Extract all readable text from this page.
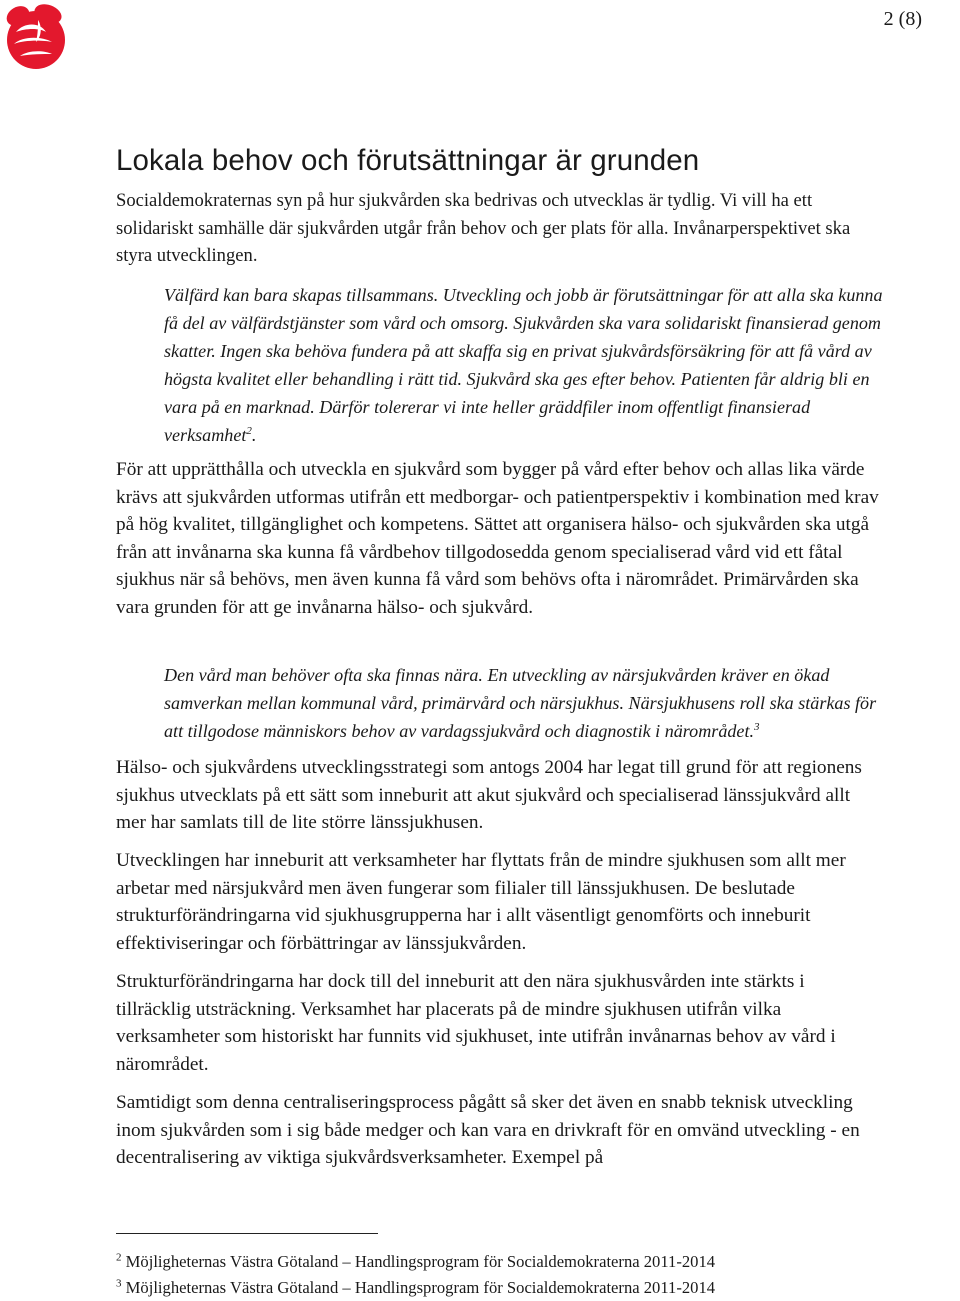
2 (8)
Lokala behov och förutsättningar är grunden

Socialdemokraternas syn på hur sjukvården ska bedrivas och utvecklas är tydlig. Vi vill ha ett solidariskt samhälle där sjukvården utgår från behov och ger plats för alla. Invånarperspektivet ska styra utvecklingen.

Välfärd kan bara skapas tillsammans. Utveckling och jobb är förutsättningar för att alla ska kunna få del av välfärdstjänster som vård och omsorg. Sjukvården ska vara solidariskt finansierad genom skatter. Ingen ska behöva fundera på att skaffa sig en privat sjukvårdsförsäkring för att få vård av högsta kvalitet eller behandling i rätt tid. Sjukvård ska ges efter behov. Patienten får aldrig bli en vara på en marknad. Därför tolererar vi inte heller gräddfiler inom offentligt finansierad verksamhet$^2$.

För att upprätthålla och utveckla en sjukvård som bygger på vård efter behov och allas lika värde krävs att sjukvården utformas utifrån ett medborgar- och patientperspektiv i kombination med krav på hög kvalitet, tillgänglighet och kompetens. Sättet att organisera hälso- och sjukvården ska utgå från att invånarna ska kunna få vårdbehov tillgodosedda genom specialiserad vård vid ett fåtal sjukhus när så behövs, men även kunna få vård som behövs ofta i närområdet. Primärvården ska vara grunden för att ge invånarna hälso- och sjukvård.

Den vård man behöver ofta ska finnas nära. En utveckling av närsjukvården kräver en ökad samverkan mellan kommunal vård, primärvård och närsjukhus. Närsjukhusens roll ska stärkas för att tillgodose människors behov av vardagssjukvård och diagnostik i närområdet.$^3$

Hälso- och sjukvårdens utvecklingsstrategi som antogs 2004 har legat till grund för att regionens sjukhus utvecklats på ett sätt som inneburit att akut sjukvård och specialiserad länssjukvård allt mer har samlats till de lite större länssjukhusen.

Utvecklingen har inneburit att verksamheter har flyttats från de mindre sjukhusen som allt mer arbetar med närsjukvård men även fungerar som filialer till länssjukhusen. De beslutade strukturförändringarna vid sjukhusgrupperna har i allt väsentligt genomförts och inneburit effektiviseringar och förbättringar av länssjukvården.

Strukturförändringarna har dock till del inneburit att den nära sjukhusvården inte stärkts i tillräcklig utsträckning. Verksamhet har placerats på de mindre sjukhusen utifrån vilka verksamheter som historiskt har funnits vid sjukhuset, inte utifrån invånarnas behov av vård i närområdet.

Samtidigt som denna centraliseringsprocess pågått så sker det även en snabb teknisk utveckling inom sjukvården som i sig både medger och kan vara en drivkraft för en omvänd utveckling - en decentralisering av viktiga sjukvårdsverksamheter. Exempel på

$^2$ Möjligheternas Västra Götaland – Handlingsprogram för Socialdemokraterna 2011-2014

$^3$ Möjligheternas Västra Götaland – Handlingsprogram för Socialdemokraterna 2011-2014
